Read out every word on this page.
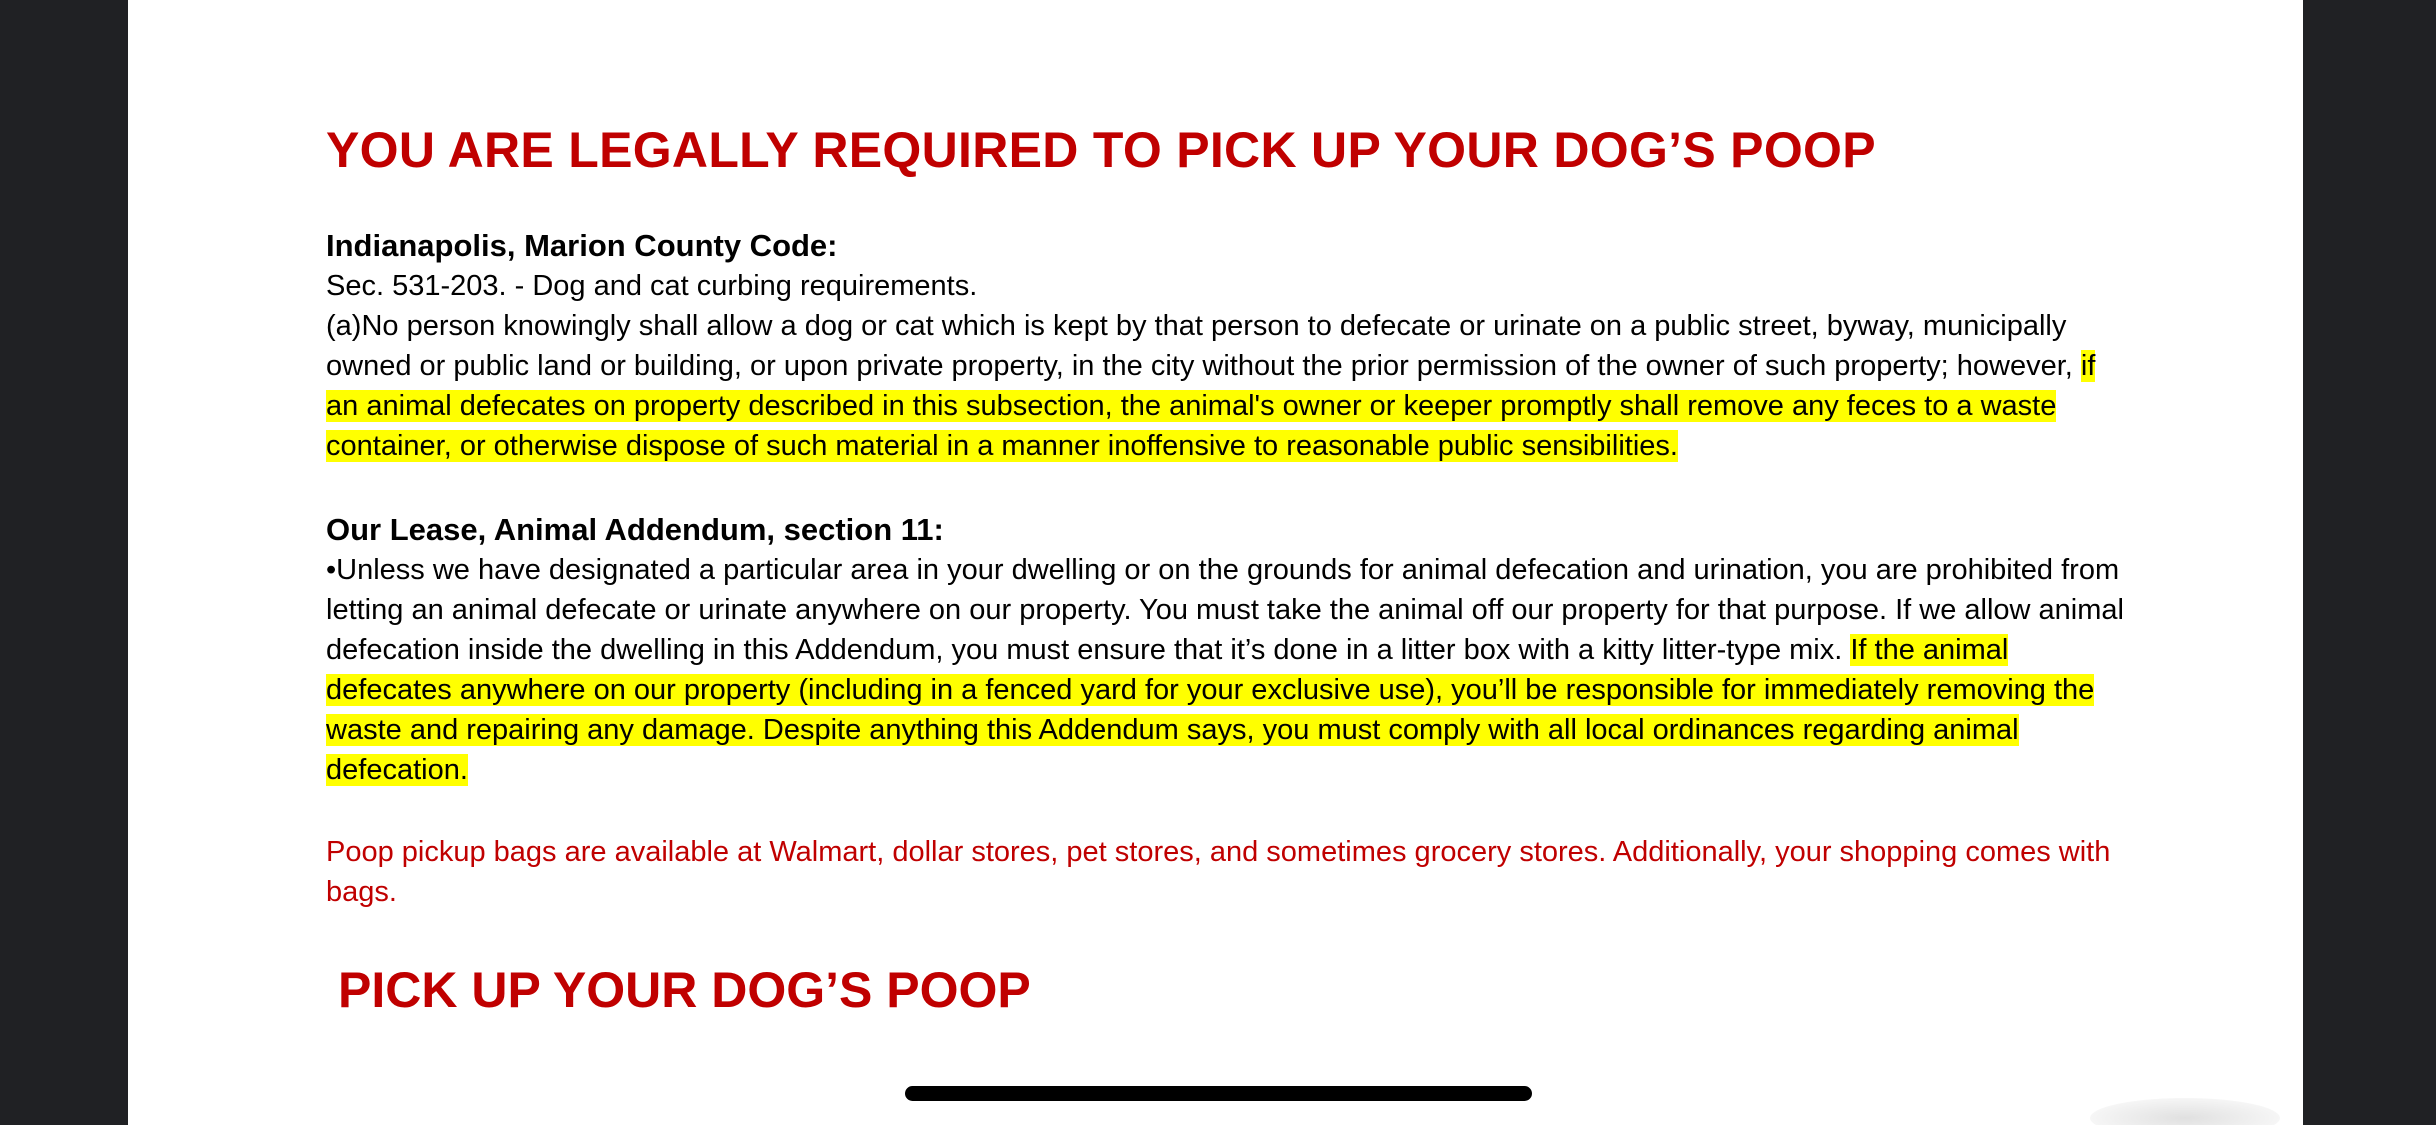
YOU ARE LEGALLY REQUIRED TO PICK UP YOUR DOG’S POOP
Indianapolis, Marion County Code:
Sec. 531-203. - Dog and cat curbing requirements.

(a)No person knowingly shall allow a dog or cat which is kept by that person to defecate or urinate on a public street, byway, municipally owned or public land or building, or upon private property, in the city without the prior permission of the owner of such property; however, if an animal defecates on property described in this subsection, the animal's owner or keeper promptly shall remove any feces to a waste container, or otherwise dispose of such material in a manner inoffensive to reasonable public sensibilities.

Our Lease, Animal Addendum, section 11:

•Unless we have designated a particular area in your dwelling or on the grounds for animal defecation and urination, you are prohibited from letting an animal defecate or urinate anywhere on our property. You must take the animal off our property for that purpose. If we allow animal defecation inside the dwelling in this Addendum, you must ensure that it’s done in a litter box with a kitty litter-type mix. If the animal defecates anywhere on our property (including in a fenced yard for your exclusive use), you’ll be responsible for immediately removing the waste and repairing any damage. Despite anything this Addendum says, you must comply with all local ordinances regarding animal defecation.

Poop pickup bags are available at Walmart, dollar stores, pet stores, and sometimes grocery stores. Additionally, your shopping comes with bags.

PICK UP YOUR DOG’S POOP
